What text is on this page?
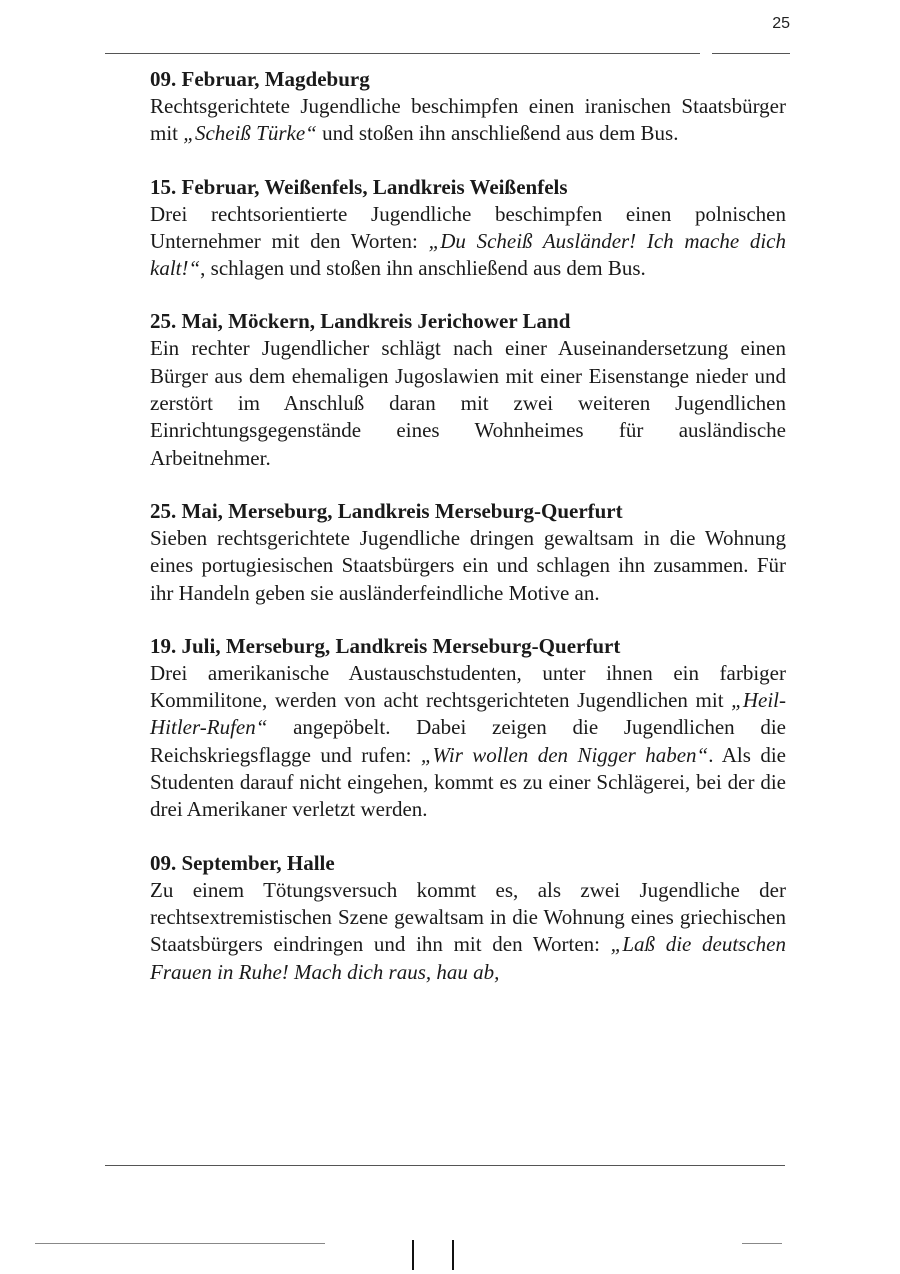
25

09. Februar, Magdeburg

Rechtsgerichtete Jugendliche beschimpfen einen iranischen Staatsbürger mit „Scheiß Türke“ und stoßen ihn anschließend aus dem Bus.

15. Februar, Weißenfels, Landkreis Weißenfels

Drei rechtsorientierte Jugendliche beschimpfen einen polnischen Unternehmer mit den Worten: „Du Scheiß Ausländer! Ich mache dich kalt!“, schlagen und stoßen ihn anschließend aus dem Bus.

25. Mai, Möckern, Landkreis Jerichower Land

Ein rechter Jugendlicher schlägt nach einer Auseinandersetzung einen Bürger aus dem ehemaligen Jugoslawien mit einer Eisenstange nieder und zerstört im Anschluß daran mit zwei weiteren Jugendlichen Einrichtungsgegenstände eines Wohnheimes für ausländische Arbeitnehmer.

25. Mai, Merseburg, Landkreis Merseburg-Querfurt

Sieben rechtsgerichtete Jugendliche dringen gewaltsam in die Wohnung eines portugiesischen Staatsbürgers ein und schlagen ihn zusammen. Für ihr Handeln geben sie ausländerfeindliche Motive an.

19. Juli, Merseburg, Landkreis Merseburg-Querfurt

Drei amerikanische Austauschstudenten, unter ihnen ein farbiger Kommilitone, werden von acht rechtsgerichteten Jugendlichen mit „Heil-Hitler-Rufen“ angepöbelt. Dabei zeigen die Jugendlichen die Reichskriegsflagge und rufen: „Wir wollen den Nigger haben“. Als die Studenten darauf nicht eingehen, kommt es zu einer Schlägerei, bei der die drei Amerikaner verletzt werden.

09. September, Halle

Zu einem Tötungsversuch kommt es, als zwei Jugendliche der rechtsextremistischen Szene gewaltsam in die Wohnung eines griechischen Staatsbürgers eindringen und ihn mit den Worten: „Laß die deutschen Frauen in Ruhe! Mach dich raus, hau ab,
